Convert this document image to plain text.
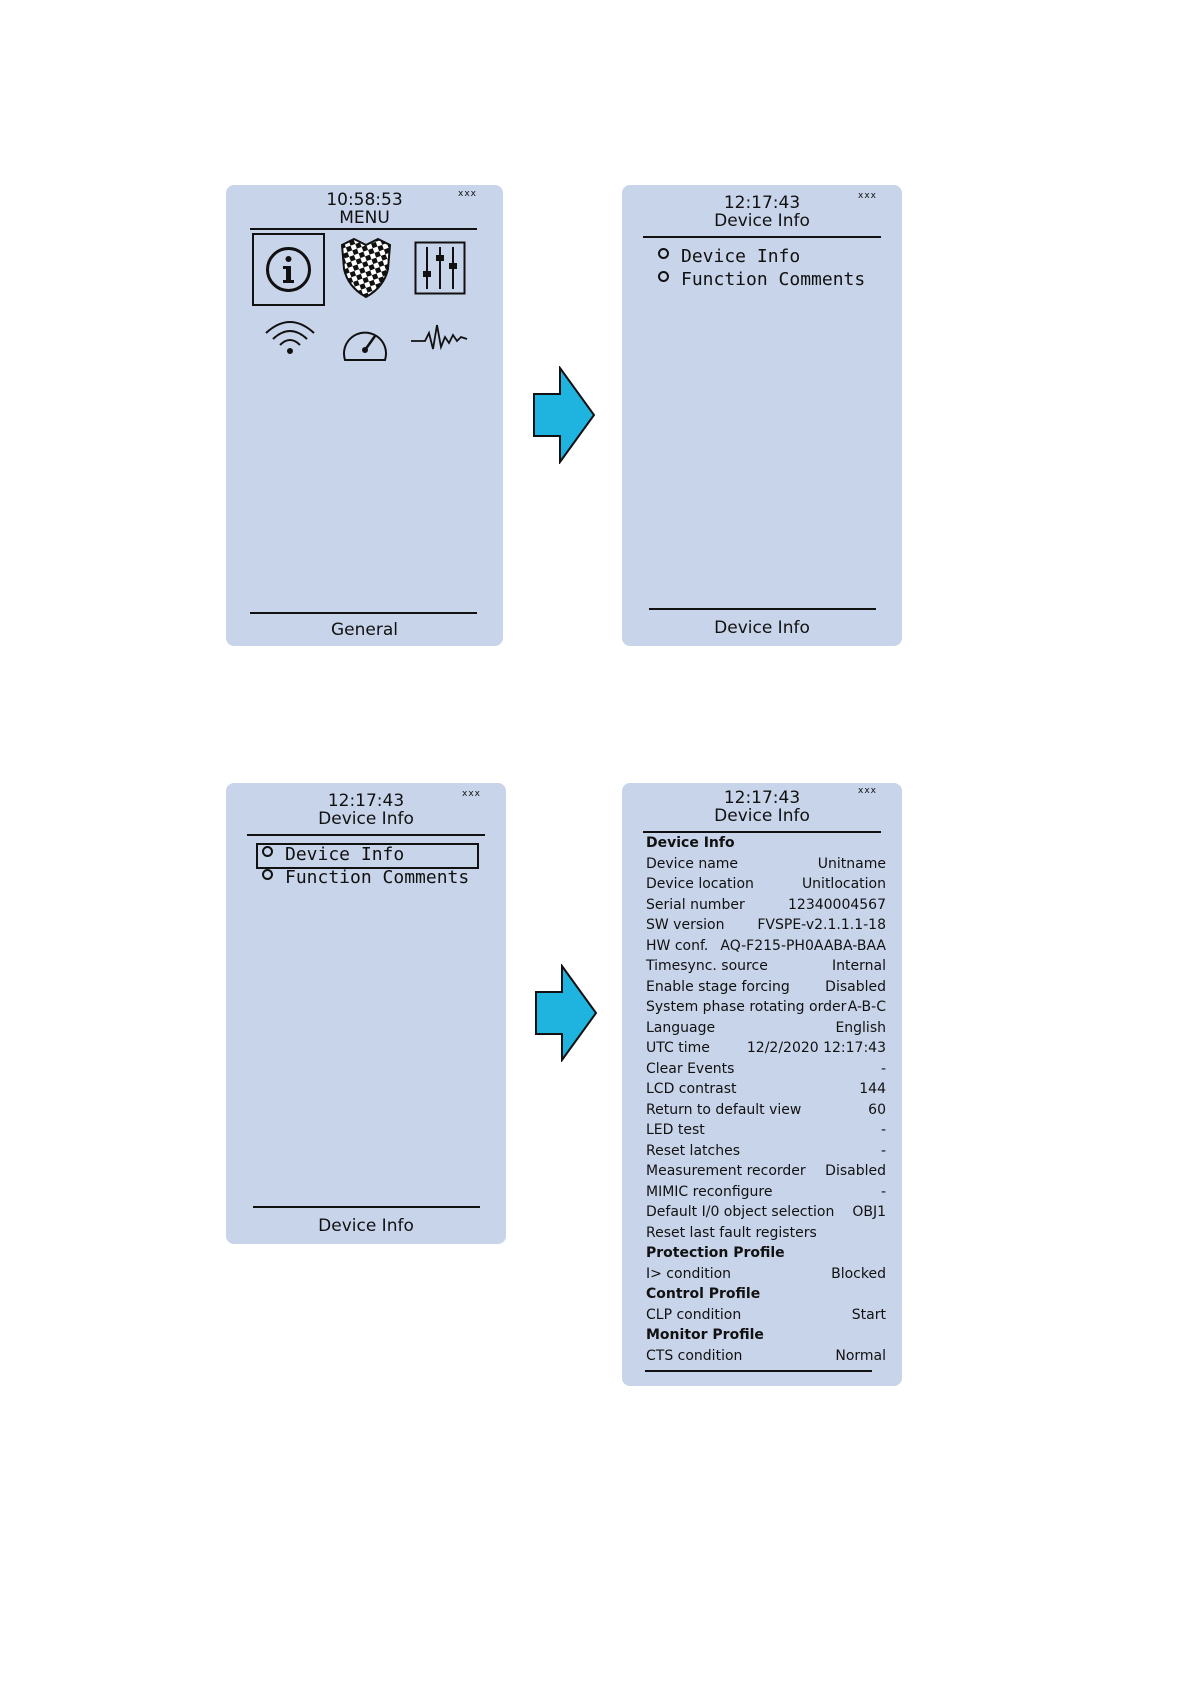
10:58:53	xxx
MENU
General
12:17:43	xxx
Device Info
Device Info
Function Comments
Device Info
12:17:43	xxx
Device Info
Device Info
Function Comments
Device Info
12:17:43	xxx
Device Info
Device Info
Device name	Unitname
Device location	Unitlocation
Serial number	12340004567
SW version FVSPE-v2.1.1.1-18
HW conf. AQ-F215-PH0AABA-BAA
Timesync. source	Internal
Enable stage forcing	Disabled
System phase rotating order A-B-C
Language	English
UTC time	12/2/2020 12:17:43
Clear Events	-
LCD contrast	144
Return to default view	60
LED test	-
Reset latches	-
Measurement recorder Disabled
MIMIC reconfigure	-
Default I/0 object selection OBJ1
Reset last fault registers
Protection Profile
I> condition	Blocked
Control Profile
CLP condition	Start
Monitor Profile
CTS condition	Normal
